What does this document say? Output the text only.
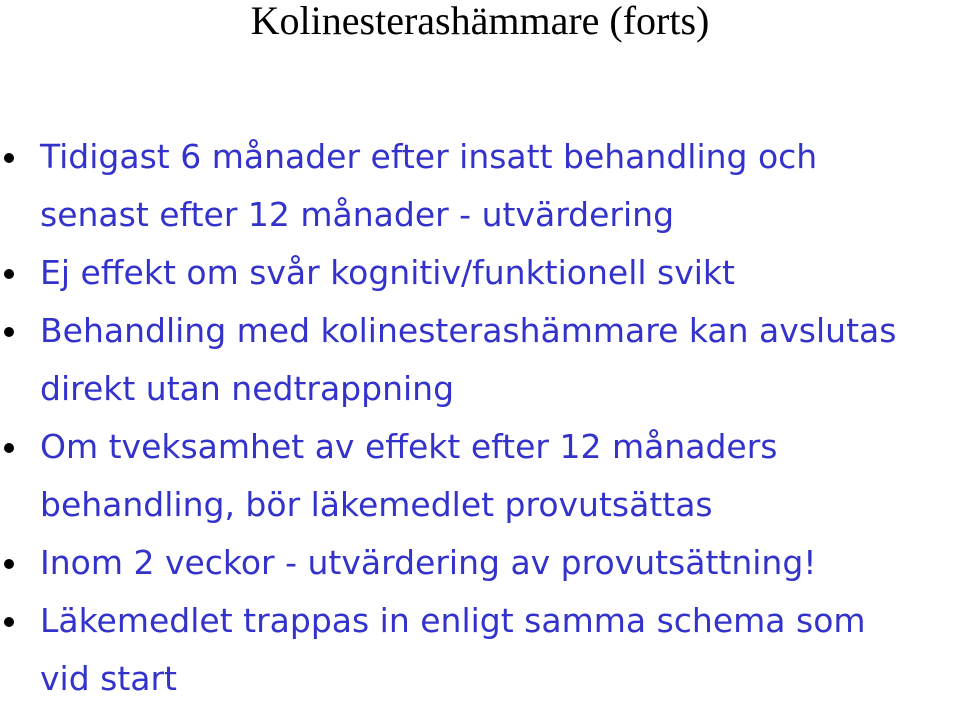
Kolinesterashämmare (forts)
Tidigast 6 månader efter insatt behandling och
senast efter 12 månader - utvärdering
Ej effekt om svår kognitiv/funktionell svikt
Behandling med kolinesterashämmare kan avslutas
direkt utan nedtrappning
Om tveksamhet av effekt efter 12 månaders
behandling, bör läkemedlet provutsättas
Inom 2 veckor - utvärdering av provutsättning!
Läkemedlet trappas in enligt samma schema som
vid start
